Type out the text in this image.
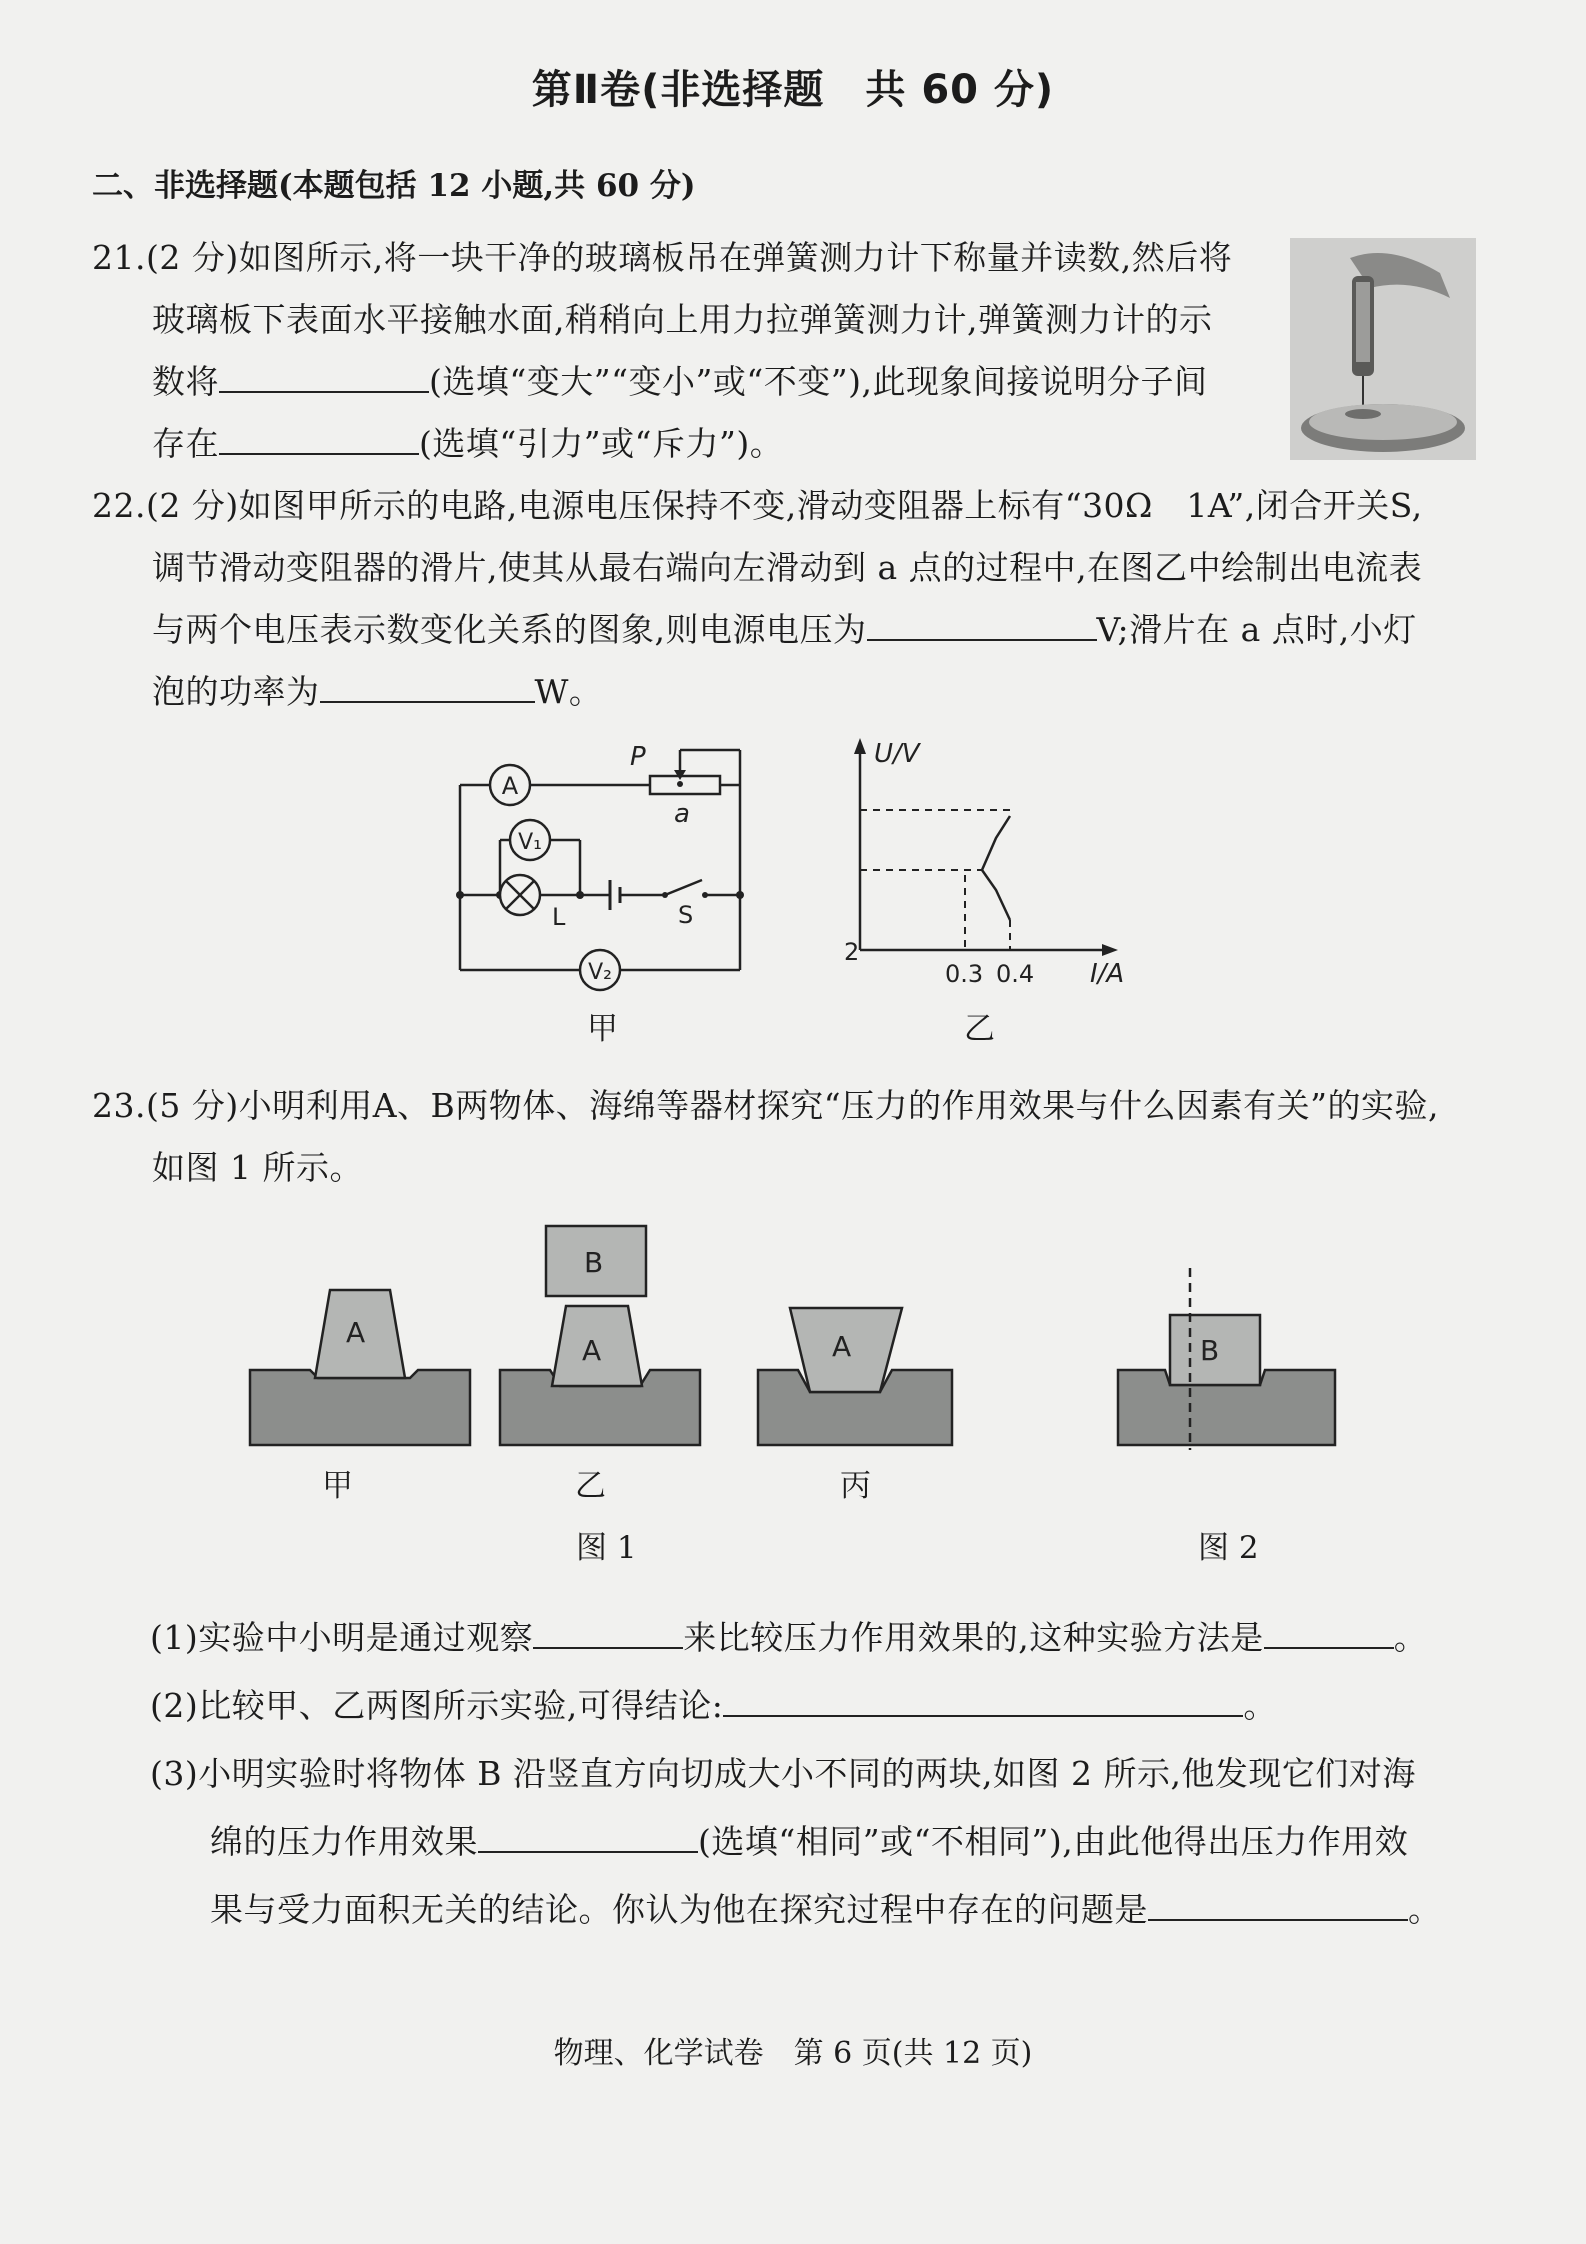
第Ⅱ卷(非选择题　共 60 分)
二、非选择题(本题包括 12 小题,共 60 分)
21.(2 分)如图所示,将一块干净的玻璃板吊在弹簧测力计下称量并读数,然后将
玻璃板下表面水平接触水面,稍稍向上用力拉弹簧测力计,弹簧测力计的示
数将	(选填“变大”“变小”或“不变”),此现象间接说明分子间
存在	(选填“引力”或“斥力”)。
22.(2 分)如图甲所示的电路,电源电压保持不变,滑动变阻器上标有“30Ω　1A”,闭合开关S,
调节滑动变阻器的滑片,使其从最右端向左滑动到 a 点的过程中,在图乙中绘制出电流表
与两个电压表示数变化关系的图象,则电源电压为	V;滑片在 a 点时,小灯
泡的功率为	W。
A
V₁
V₂
L	S
P
a
甲
U/V
I/A
2
0.3 0.4
乙
23.(5 分)小明利用A、B两物体、海绵等器材探究“压力的作用效果与什么因素有关”的实验,
如图 1 所示。
A
A
B
A	B
甲	乙	丙
图 1	图 2
(1)实验中小明是通过观察	来比较压力作用效果的,这种实验方法是	。
(2)比较甲、乙两图所示实验,可得结论:	。
(3)小明实验时将物体 B 沿竖直方向切成大小不同的两块,如图 2 所示,他发现它们对海
绵的压力作用效果	(选填“相同”或“不相同”),由此他得出压力作用效
果与受力面积无关的结论。你认为他在探究过程中存在的问题是	。
物理、化学试卷　第 6 页(共 12 页)
